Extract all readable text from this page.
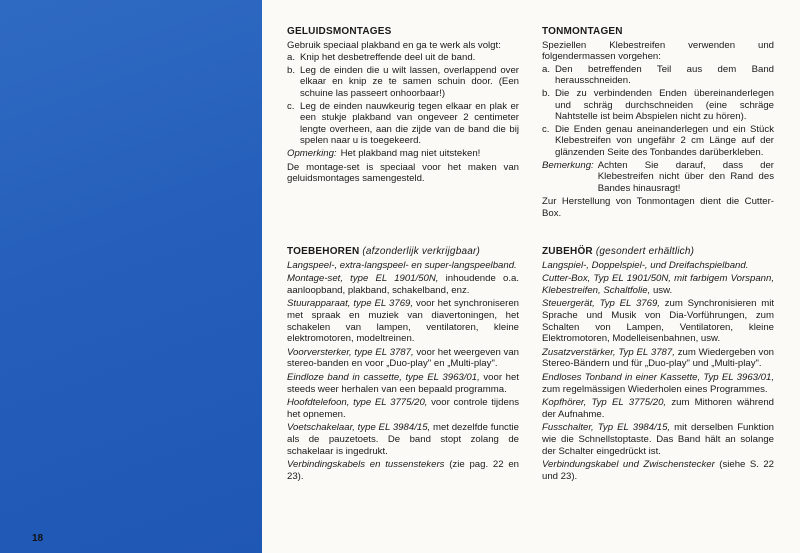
18
GELUIDSMONTAGES

Gebruik speciaal plakband en ga te werk als volgt:

a. Knip het desbetreffende deel uit de band.
b. Leg de einden die u wilt lassen, overlappend over elkaar en knip ze te samen schuin door. (Een schuine las passeert onhoorbaar!)
c. Leg de einden nauwkeurig tegen elkaar en plak er een stukje plakband van ongeveer 2 centimeter lengte overheen, aan die zijde van de band die bij spelen naar u is toegekeerd.
Opmerking: Het plakband mag niet uitsteken!

De montage-set is speciaal voor het maken van geluidsmontages samengesteld.

TOEBEHOREN (afzonderlijk verkrijgbaar)

Langspeel-, extra-langspeel- en super-langspeelband.

Montage-set, type EL 1901/50N, inhoudende o.a. aanloopband, plakband, schakelband, enz.

Stuurapparaat, type EL 3769, voor het synchroniseren met spraak en muziek van diavertoningen, het schakelen van lampen, ventilatoren, kleine elektromotoren, modeltreinen.

Voorversterker, type EL 3787, voor het weergeven van stereo-banden en voor „Duo-play" en „Multi-play".

Eindloze band in cassette, type EL 3963/01, voor het steeds weer herhalen van een bepaald programma.

Hoofdtelefoon, type EL 3775/20, voor controle tijdens het opnemen.

Voetschakelaar, type EL 3984/15, met dezelfde functie als de pauzetoets. De band stopt zolang de schakelaar is ingedrukt.

Verbindingskabels en tussenstekers (zie pag. 22 en 23).

TONMONTAGEN

Speziellen Klebestreifen verwenden und folgendermassen vorgehen:

a. Den betreffenden Teil aus dem Band herausschneiden.
b. Die zu verbindenden Enden übereinanderlegen und schräg durchschneiden (eine schräge Nahtstelle ist beim Abspielen nicht zu hören).
c. Die Enden genau aneinanderlegen und ein Stück Klebestreifen von ungefähr 2 cm Länge auf der glänzenden Seite des Tonbandes darüberkleben.
Bemerkung: Achten Sie darauf, dass der Klebestreifen nicht über den Rand des Bandes hinausragt!

Zur Herstellung von Tonmontagen dient die Cutter-Box.

ZUBEHÖR (gesondert erhältlich)

Langspiel-, Doppelspiel-, und Dreifachspielband.

Cutter-Box, Typ EL 1901/50N, mit farbigem Vorspann, Klebestreifen, Schaltfolie, usw.

Steuergerät, Typ EL 3769, zum Synchronisieren mit Sprache und Musik von Dia-Vorführungen, zum Schalten von Lampen, Ventilatoren, kleine Elektromotoren, Modelleisenbahnen, usw.

Zusatzverstärker, Typ EL 3787, zum Wiedergeben von Stereo-Bändern und für „Duo-play" und „Multi-play".

Endloses Tonband in einer Kassette, Typ EL 3963/01, zum regelmässigen Wiederholen eines Programmes.

Kopfhörer, Typ EL 3775/20, zum Mithoren während der Aufnahme.

Fusschalter, Typ EL 3984/15, mit derselben Funktion wie die Schnellstoptaste. Das Band hält an solange der Schalter eingedrückt ist.

Verbindungskabel und Zwischenstecker (siehe S. 22 und 23).
